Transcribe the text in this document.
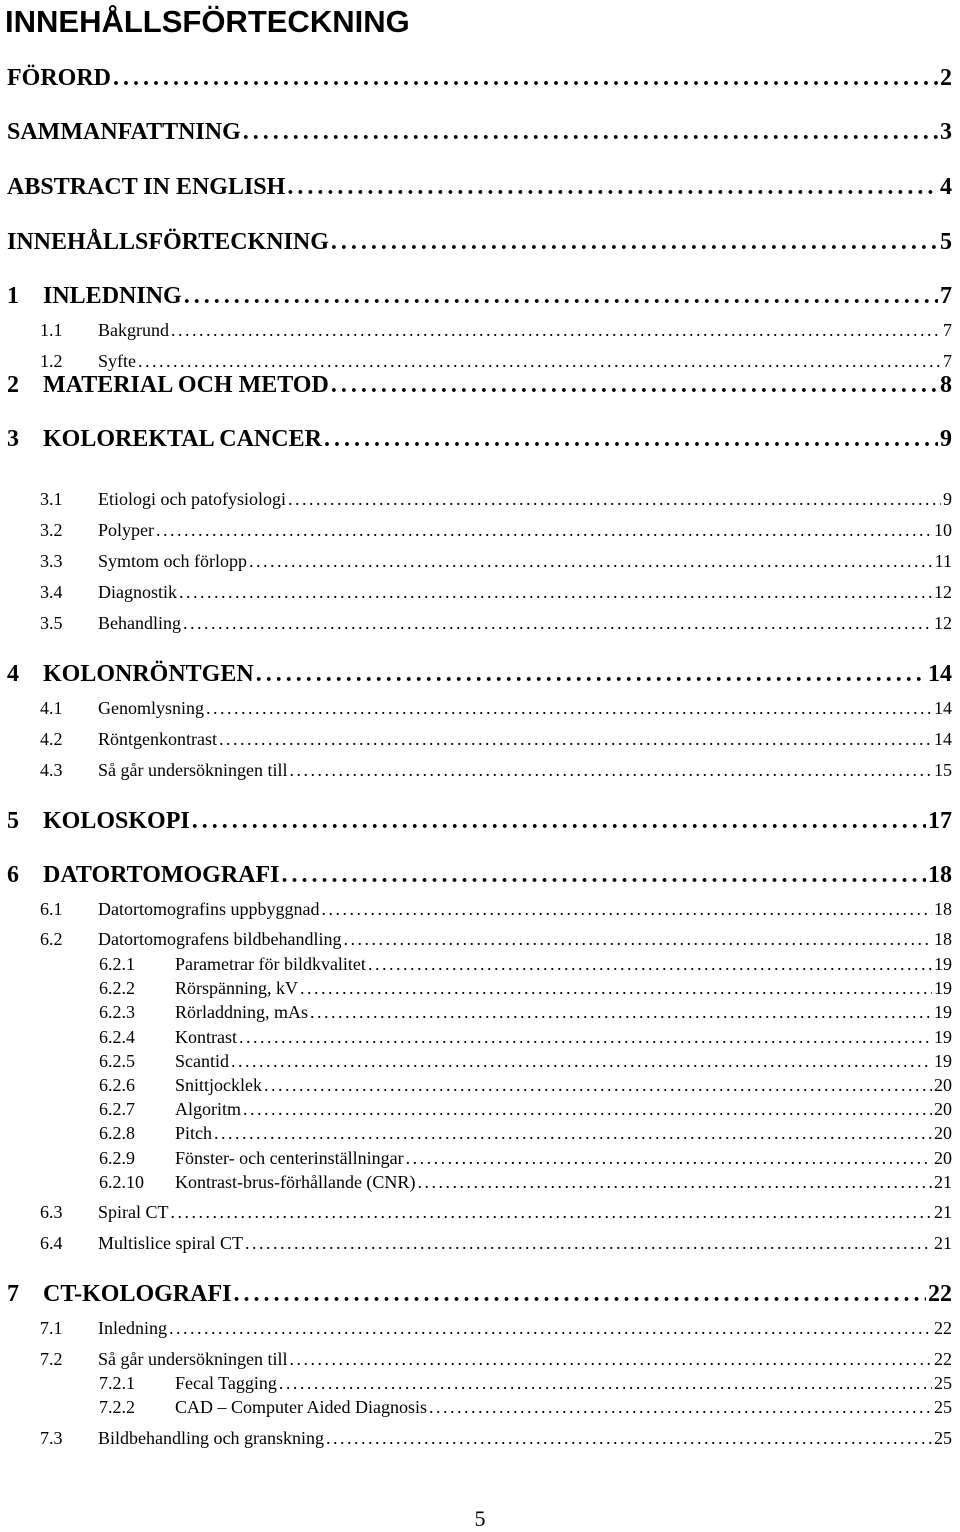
INNEHÅLLSFÖRTECKNING
FÖRORD . . .	2
SAMMANFATTNING . . .	3
ABSTRACT IN ENGLISH . . .	4
INNEHÅLLSFÖRTECKNING . . .	5
1	INLEDNING . . .	7
1.1	Bakgrund . . .	7
1.2	Syfte . . .	7
2	MATERIAL OCH METOD . . .	8
3	KOLOREKTAL CANCER . . .	9
3.1	Etiologi och patofysiologi . . .	9
3.2	Polyper . . .	10
3.3	Symtom och förlopp . . .	11
3.4	Diagnostik . . .	12
3.5	Behandling . . .	12
4	KOLONRÖNTGEN . . .	14
4.1	Genomlysning . . .	14
4.2	Röntgenkontrast . . .	14
4.3	Så går undersökningen till . . .	15
5	KOLOSKOPI . . .	17
6	DATORTOMOGRAFI . . .	18
6.1	Datortomografins uppbyggnad . . .	18
6.2	Datortomografens bildbehandling . . .	18
6.2.1	Parametrar för bildkvalitet . . .	19
6.2.2	Rörspänning, kV . . .	19
6.2.3	Rörladdning, mAs . . .	19
6.2.4	Kontrast . . .	19
6.2.5	Scantid . . .	19
6.2.6	Snittjocklek . . .	20
6.2.7	Algoritm . . .	20
6.2.8	Pitch . . .	20
6.2.9	Fönster- och centerinställningar . . .	20
6.2.10	Kontrast-brus-förhållande (CNR) . . .	21
6.3	Spiral CT . . .	21
6.4	Multislice spiral CT . . .	21
7	CT-KOLOGRAFI . . .	22
7.1	Inledning . . .	22
7.2	Så går undersökningen till . . .	22
7.2.1	Fecal Tagging . . .	25
7.2.2	CAD – Computer Aided Diagnosis . . .	25
7.3	Bildbehandling och granskning . . .	25
5
